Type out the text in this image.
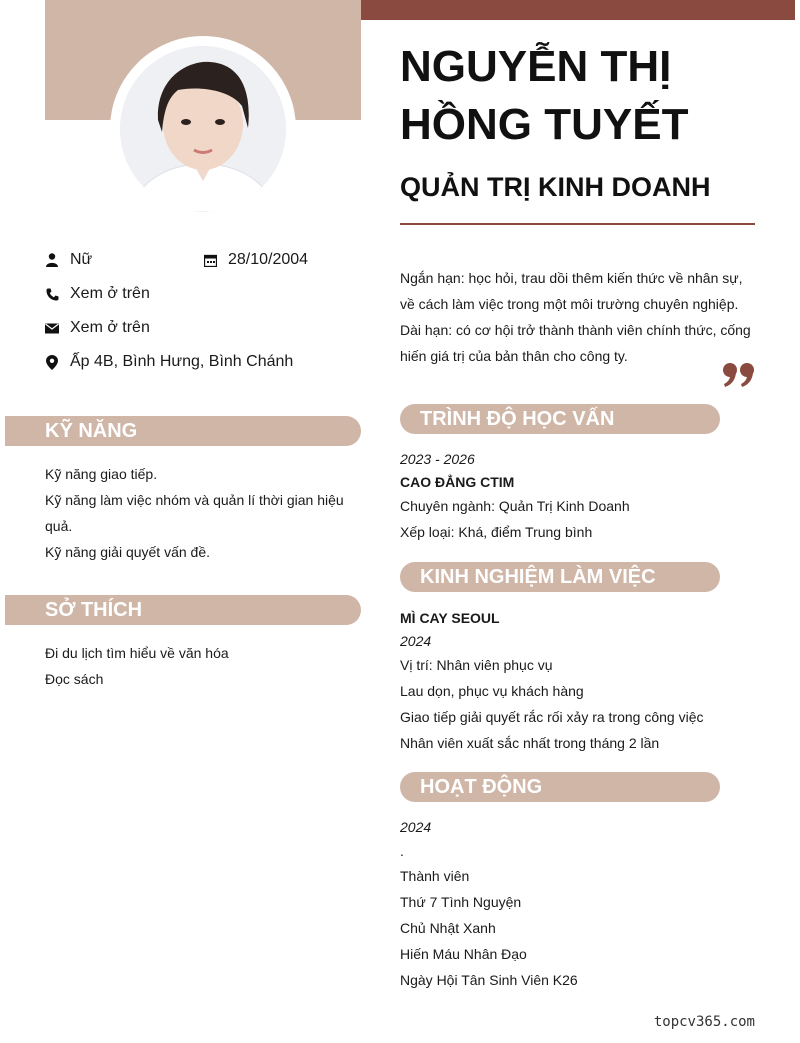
NGUYỄN THỊ HỒNG TUYẾT
QUẢN TRỊ KINH DOANH
Nữ	28/10/2004
Xem ở trên
Xem ở trên
Ấp 4B, Bình Hưng, Bình Chánh

Ngắn hạn: học hỏi, trau dồi thêm kiến thức về nhân sự, về cách làm việc trong một môi trường chuyên nghiệp.

Dài hạn: có cơ hội trở thành thành viên chính thức, cống hiến giá trị của bản thân cho công ty.

KỸ NĂNG
Kỹ năng giao tiếp.
Kỹ năng làm việc nhóm và quản lí thời gian hiệu quả.
Kỹ năng giải quyết vấn đề.
SỞ THÍCH
Đi du lịch tìm hiểu về văn hóa
Đọc sách
TRÌNH ĐỘ HỌC VẤN
2023 - 2026
CAO ĐẲNG CTIM
Chuyên ngành: Quản Trị Kinh Doanh
Xếp loại: Khá, điểm Trung bình
KINH NGHIỆM LÀM VIỆC
MÌ CAY SEOUL
2024
Vị trí: Nhân viên phục vụ
Lau dọn, phục vụ khách hàng
Giao tiếp giải quyết rắc rối xảy ra trong công việc
Nhân viên xuất sắc nhất trong tháng 2 lần
HOẠT ĐỘNG
2024
.
Thành viên
Thứ 7 Tình Nguyện
Chủ Nhật Xanh
Hiến Máu Nhân Đạo
Ngày Hội Tân Sinh Viên K26
topcv365.com
